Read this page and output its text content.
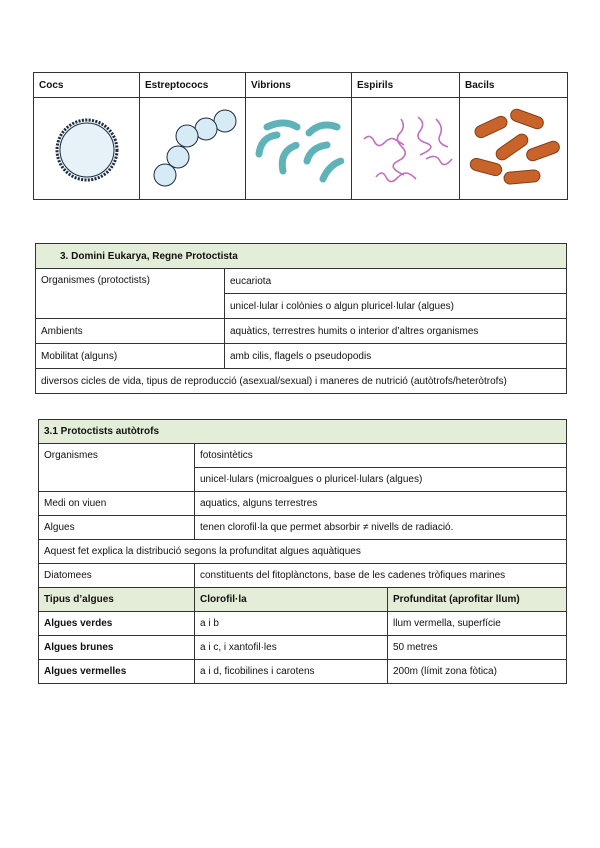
Cocs	Estreptococs	Vibrions	Espirils	Bacils

3. Domini Eukarya, Regne Protoctista	
Organismes (protoctists)	eucariota
	unicel·lular i colònies o algun pluricel·lular (algues)
Ambients	aquàtics, terrestres humits o interior d’altres organismes
Mobilitat (alguns)	amb cilis, flagels o pseudopodis
diversos cicles de vida, tipus de reproducció (asexual/sexual) i maneres de nutrició (autòtrofs/heteròtrofs)	
3.1 Protoctists autòtrofs		
Organismes	fotosintètics	
	unicel·lulars (microalgues o pluricel·lulars (algues)	
Medi on viuen	aquatics, alguns terrestres	
Algues	tenen clorofil·la que permet absorbir ≠ nivells de radiació.	
Aquest fet explica la distribució segons la profunditat algues aquàtiques		
Diatomees	constituents del fitoplànctons, base de les cadenes tròfiques marines	
Tipus d’algues	Clorofil·la	Profunditat (aprofitar llum)
Algues verdes	a i b	llum vermella, superfície
Algues brunes	a i c, i xantofil·les	50 metres
Algues vermelles	a i d, ficobilines i carotens	200m (límit zona fòtica)
